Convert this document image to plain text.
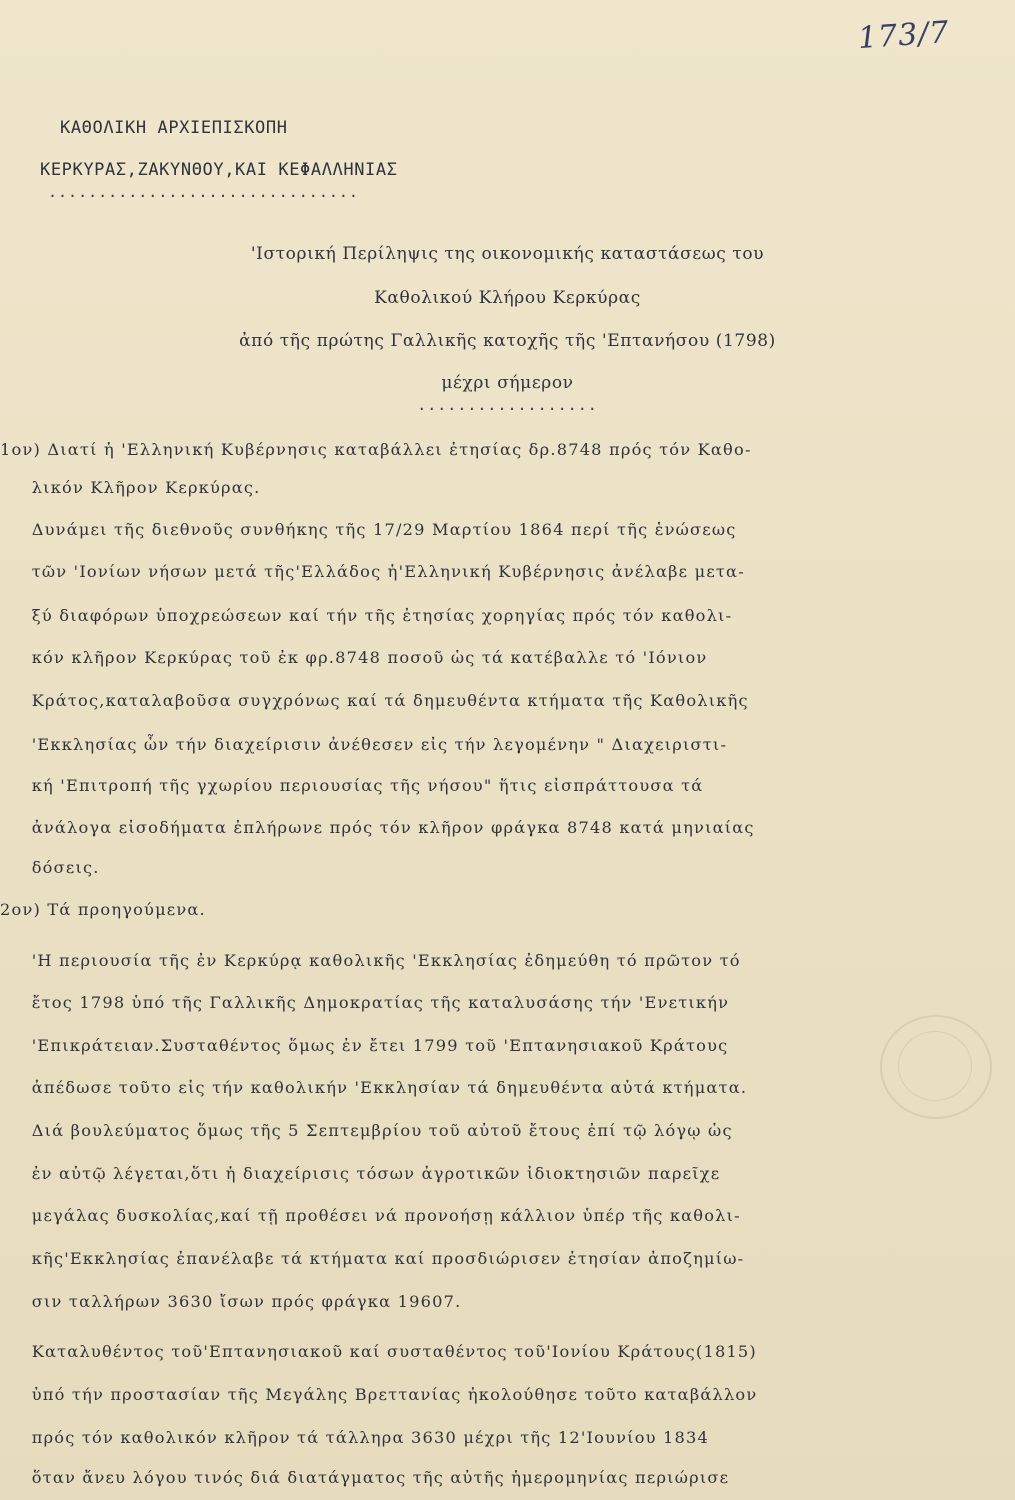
173/7
ΚΑΘΟΛΙΚΗ ΑΡΧΙΕΠΙΣΚΟΠΗ
ΚΕΡΚΥΡΑΣ,ΖΑΚΥΝΘΟΥ,ΚΑΙ ΚΕΦΑΛΛΗΝΙΑΣ
...............................
'Ιστορική Περίληψις της οικονομικής καταστάσεως του
Καθολικού Κλήρου Κερκύρας
ἀπό τῆς πρώτης Γαλλικῆς κατοχῆς τῆς 'Επτανήσου (1798)
μέχρι σήμερον
..................
1ον) Διατί ἡ 'Ελληνική Κυβέρνησις καταβάλλει ἐτησίας δρ.8748 πρός τόν Καθο-
λικόν Κλῆρον Κερκύρας.
Δυνάμει τῆς διεθνοῦς συνθήκης τῆς 17/29 Μαρτίου 1864 περί τῆς ἑνώσεως
τῶν 'Ιονίων νήσων μετά τῆς'Ελλάδος ἡ'Ελληνική Κυβέρνησις ἀνέλαβε μετα-
ξύ διαφόρων ὑποχρεώσεων καί τήν τῆς ἐτησίας χορηγίας πρός τόν καθολι-
κόν κλῆρον Κερκύρας τοῦ ἐκ φρ.8748 ποσοῦ ὡς τά κατέβαλλε τό 'Ιόνιον
Κράτος,καταλαβοῦσα συγχρόνως καί τά δημευθέντα κτήματα τῆς Καθολικῆς
'Εκκλησίας ὧν τήν διαχείρισιν ἀνέθεσεν εἰς τήν λεγομένην " Διαχειριστι-
κή 'Επιτροπή τῆς γχωρίου περιουσίας τῆς νήσου" ἥτις εἰσπράττουσα τά
ἀνάλογα εἰσοδήματα ἐπλήρωνε πρός τόν κλῆρον φράγκα 8748 κατά μηνιαίας
δόσεις.
2ον) Τά προηγούμενα.
'Η περιουσία τῆς ἐν Κερκύρᾳ καθολικῆς 'Εκκλησίας ἐδημεύθη τό πρῶτον τό
ἔτος 1798 ὑπό τῆς Γαλλικῆς Δημοκρατίας τῆς καταλυσάσης τήν 'Ενετικήν
'Επικράτειαν.Συσταθέντος ὅμως ἐν ἔτει 1799 τοῦ 'Επτανησιακοῦ Κράτους
ἀπέδωσε τοῦτο εἰς τήν καθολικήν 'Εκκλησίαν τά δημευθέντα αὐτά κτήματα.
Διά βουλεύματος ὅμως τῆς 5 Σεπτεμβρίου τοῦ αὐτοῦ ἔτους ἐπί τῷ λόγῳ ὡς
ἐν αὐτῷ λέγεται,ὅτι ἡ διαχείρισις τόσων ἀγροτικῶν ἰδιοκτησιῶν παρεῖχε
μεγάλας δυσκολίας,καί τῇ προθέσει νά προνοήσῃ κάλλιον ὑπέρ τῆς καθολι-
κῆς'Εκκλησίας ἐπανέλαβε τά κτήματα καί προσδιώρισεν ἐτησίαν ἀποζημίω-
σιν ταλλήρων 3630 ἴσων πρός φράγκα 19607.
Καταλυθέντος τοῦ'Επτανησιακοῦ καί συσταθέντος τοῦ'Ιονίου Κράτους(1815)
ὑπό τήν προστασίαν τῆς Μεγάλης Βρεττανίας ἠκολούθησε τοῦτο καταβάλλον
πρός τόν καθολικόν κλῆρον τά τάλληρα 3630 μέχρι τῆς 12'Ιουνίου 1834
ὅταν ἄνευ λόγου τινός διά διατάγματος τῆς αὐτῆς ἡμερομηνίας περιώρισε
